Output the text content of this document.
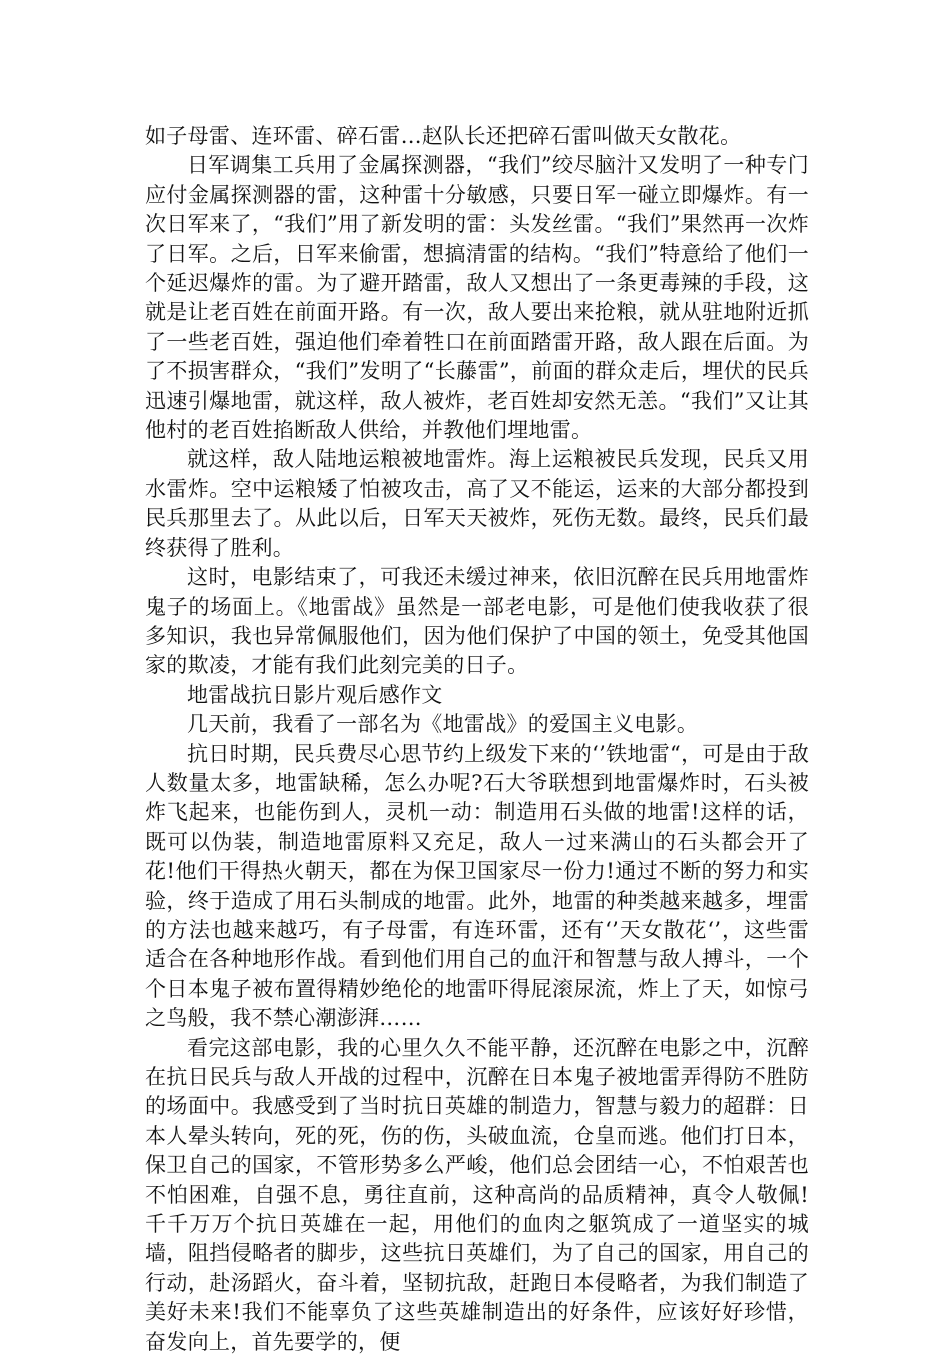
如子母雷、连环雷、碎石雷…赵队长还把碎石雷叫做天女散花。

日军调集工兵用了金属探测器，“我们”绞尽脑汁又发明了一种专门应付金属探测器的雷，这种雷十分敏感，只要日军一碰立即爆炸。有一次日军来了，“我们”用了新发明的雷：头发丝雷。“我们”果然再一次炸了日军。之后，日军来偷雷，想搞清雷的结构。“我们”特意给了他们一个延迟爆炸的雷。为了避开踏雷，敌人又想出了一条更毒辣的手段，这就是让老百姓在前面开路。有一次，敌人要出来抢粮，就从驻地附近抓了一些老百姓，强迫他们牵着牲口在前面踏雷开路，敌人跟在后面。为了不损害群众，“我们”发明了“长藤雷”，前面的群众走后，埋伏的民兵迅速引爆地雷，就这样，敌人被炸，老百姓却安然无恙。“我们”又让其他村的老百姓掐断敌人供给，并教他们埋地雷。

就这样，敌人陆地运粮被地雷炸。海上运粮被民兵发现，民兵又用水雷炸。空中运粮矮了怕被攻击，高了又不能运，运来的大部分都投到民兵那里去了。从此以后，日军天天被炸，死伤无数。最终，民兵们最终获得了胜利。

这时，电影结束了，可我还未缓过神来，依旧沉醉在民兵用地雷炸鬼子的场面上。《地雷战》虽然是一部老电影，可是他们使我收获了很多知识，我也异常佩服他们，因为他们保护了中国的领土，免受其他国家的欺凌，才能有我们此刻完美的日子。

地雷战抗日影片观后感作文

几天前，我看了一部名为《地雷战》的爱国主义电影。

抗日时期，民兵费尽心思节约上级发下来的‘’铁地雷“，可是由于敌人数量太多，地雷缺稀，怎么办呢?石大爷联想到地雷爆炸时，石头被炸飞起来，也能伤到人，灵机一动：制造用石头做的地雷!这样的话，既可以伪装，制造地雷原料又充足，敌人一过来满山的石头都会开了花!他们干得热火朝天，都在为保卫国家尽一份力!通过不断的努力和实验，终于造成了用石头制成的地雷。此外，地雷的种类越来越多，埋雷的方法也越来越巧，有子母雷，有连环雷，还有‘’天女散花‘’，这些雷适合在各种地形作战。看到他们用自己的血汗和智慧与敌人搏斗，一个个日本鬼子被布置得精妙绝伦的地雷吓得屁滚尿流，炸上了天，如惊弓之鸟般，我不禁心潮澎湃……

看完这部电影，我的心里久久不能平静，还沉醉在电影之中，沉醉在抗日民兵与敌人开战的过程中，沉醉在日本鬼子被地雷弄得防不胜防的场面中。我感受到了当时抗日英雄的制造力，智慧与毅力的超群：日本人晕头转向，死的死，伤的伤，头破血流，仓皇而逃。他们打日本，保卫自己的国家，不管形势多么严峻，他们总会团结一心，不怕艰苦也不怕困难，自强不息，勇往直前，这种高尚的品质精神，真令人敬佩!千千万万个抗日英雄在一起，用他们的血肉之躯筑成了一道坚实的城墙，阻挡侵略者的脚步，这些抗日英雄们，为了自己的国家，用自己的行动，赴汤蹈火，奋斗着，坚韧抗敌，赶跑日本侵略者，为我们制造了美好未来!我们不能辜负了这些英雄制造出的好条件，应该好好珍惜，奋发向上，首先要学的，便
